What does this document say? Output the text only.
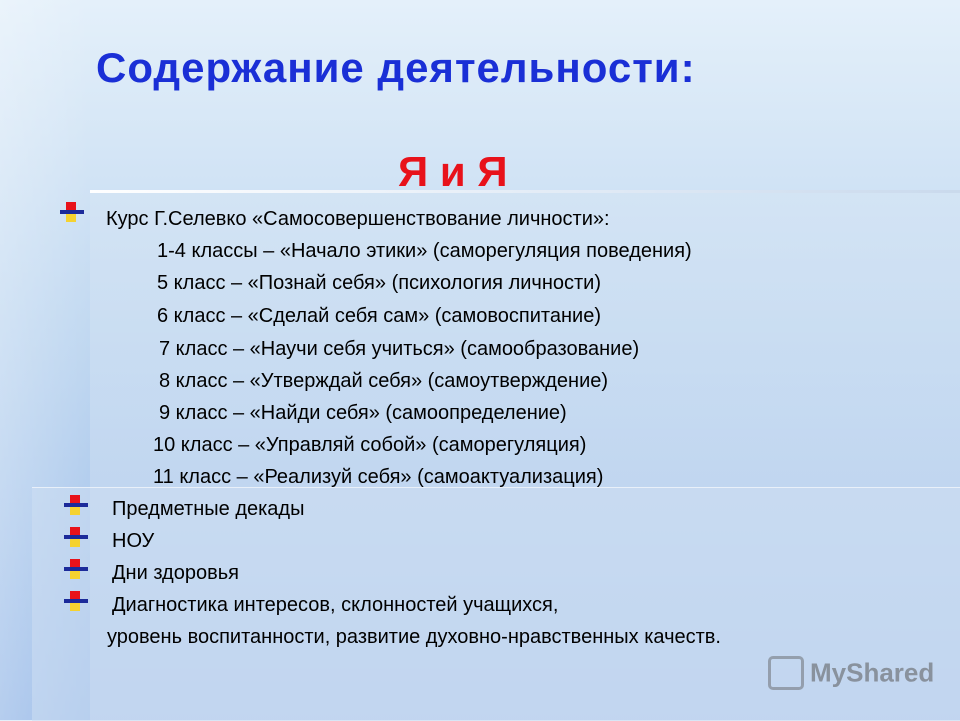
Содержание деятельности:
Я и Я
Курс Г.Селевко «Самосовершенствование личности»:
1-4 классы – «Начало этики» (саморегуляция поведения)
5 класс – «Познай себя» (психология личности)
6 класс – «Сделай себя сам» (самовоспитание)
7 класс – «Научи себя учиться» (самообразование)
8 класс – «Утверждай себя» (самоутверждение)
9 класс – «Найди себя» (самоопределение)
10 класс – «Управляй собой» (саморегуляция)
11 класс – «Реализуй себя» (самоактуализация)
Предметные декады
НОУ
Дни здоровья
Диагностика интересов, склонностей учащихся,
уровень воспитанности, развитие духовно-нравственных качеств.
MyShared
